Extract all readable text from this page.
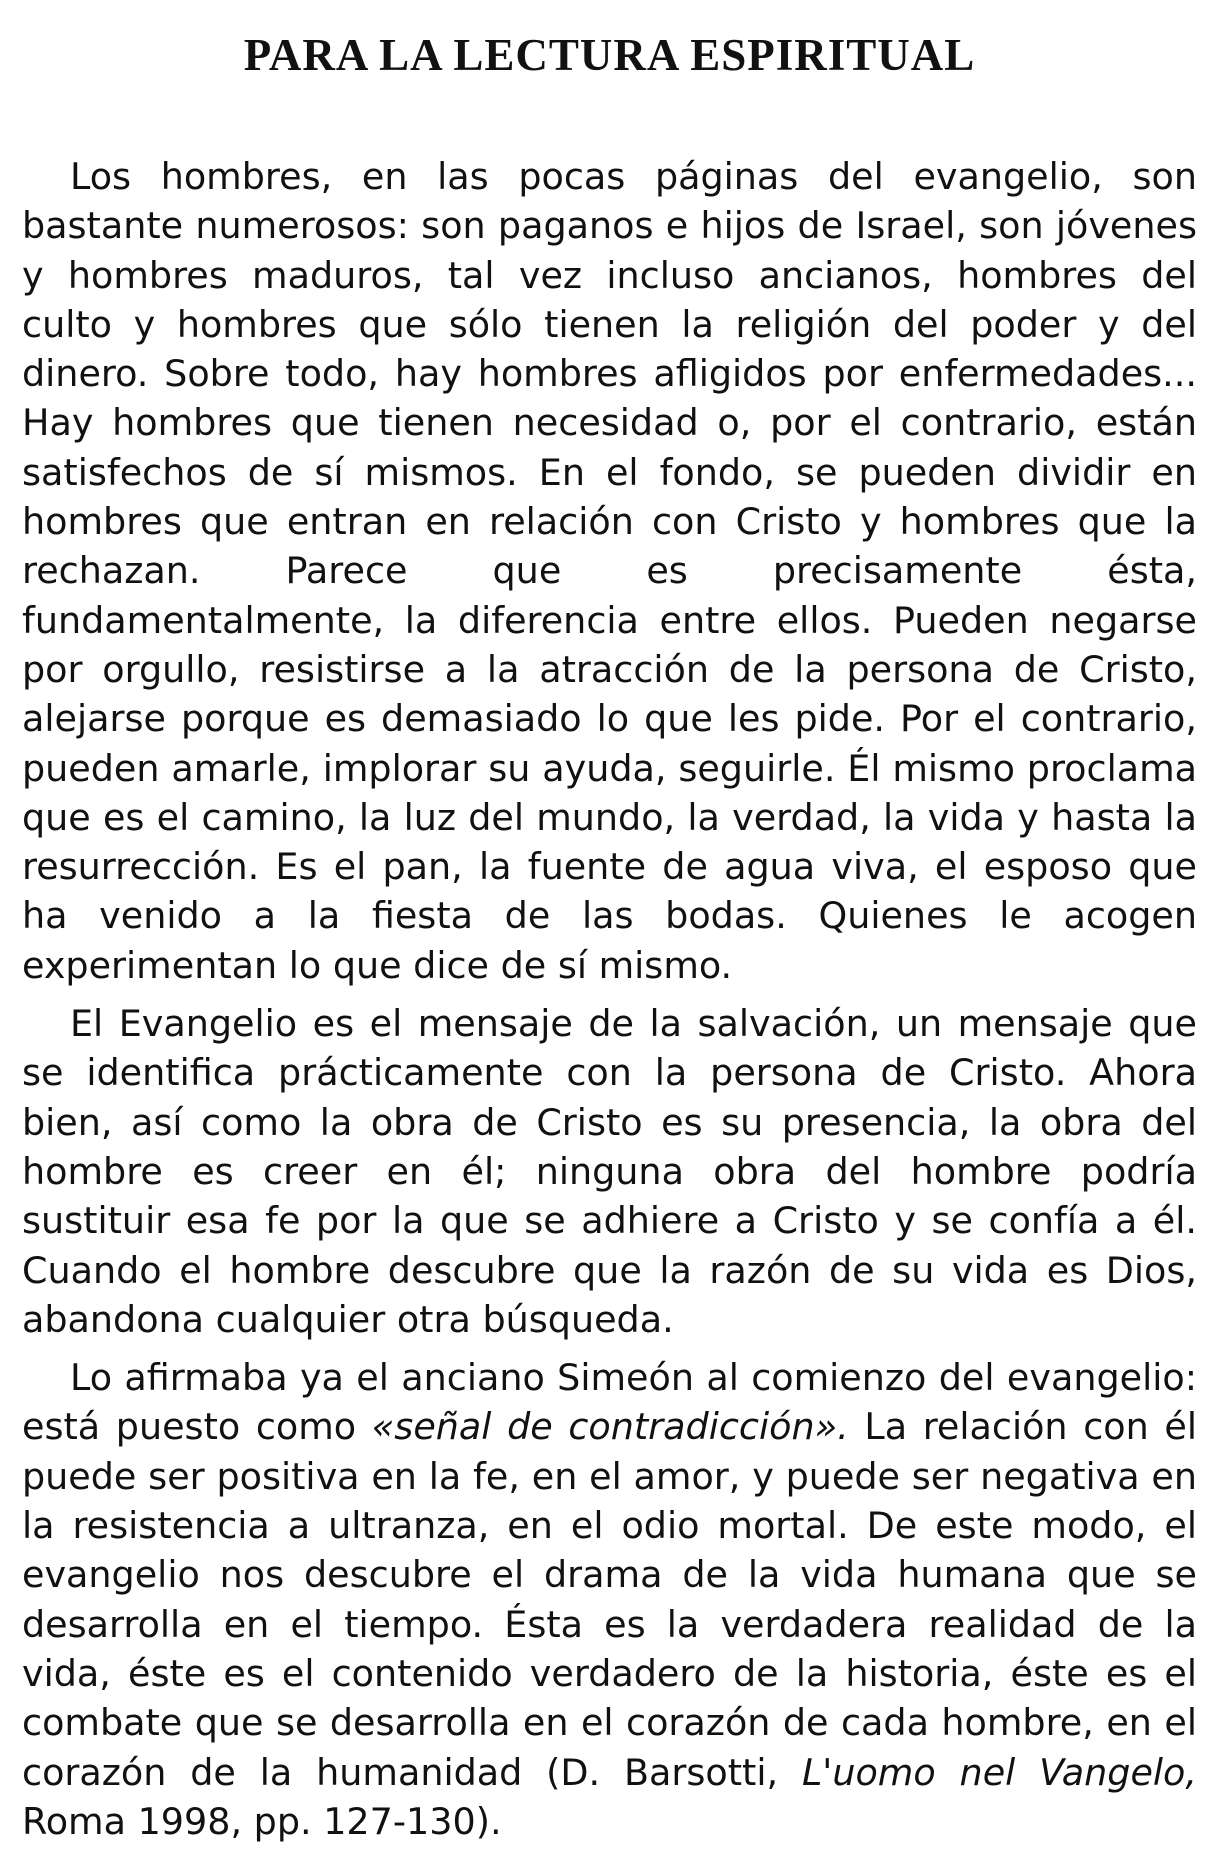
PARA LA LECTURA ESPIRITUAL

Los hombres, en las pocas páginas del evangelio, son bastante numerosos: son paganos e hijos de Israel, son jóvenes y hombres maduros, tal vez incluso ancianos, hombres del culto y hombres que sólo tienen la religión del poder y del dinero. Sobre todo, hay hombres afligidos por enfermedades... Hay hombres que tienen necesidad o, por el contrario, están satisfechos de sí mismos. En el fondo, se pueden dividir en hombres que entran en relación con Cristo y hombres que la rechazan. Parece que es precisamente ésta, fundamentalmente, la diferencia entre ellos. Pueden negarse por orgullo, resistirse a la atracción de la persona de Cristo, alejarse porque es demasiado lo que les pide. Por el contrario, pueden amarle, implorar su ayuda, seguirle. Él mismo proclama que es el camino, la luz del mundo, la verdad, la vida y hasta la resurrección. Es el pan, la fuente de agua viva, el esposo que ha venido a la fiesta de las bodas. Quienes le acogen experimentan lo que dice de sí mismo.

El Evangelio es el mensaje de la salvación, un mensaje que se identifica prácticamente con la persona de Cristo. Ahora bien, así como la obra de Cristo es su presencia, la obra del hombre es creer en él; ninguna obra del hombre podría sustituir esa fe por la que se adhiere a Cristo y se confía a él. Cuando el hombre descubre que la razón de su vida es Dios, abandona cualquier otra búsqueda.

Lo afirmaba ya el anciano Simeón al comienzo del evangelio: está puesto como «señal de contradicción». La relación con él puede ser positiva en la fe, en el amor, y puede ser negativa en la resistencia a ultranza, en el odio mortal. De este modo, el evangelio nos descubre el drama de la vida humana que se desarrolla en el tiempo. Ésta es la verdadera realidad de la vida, éste es el contenido verdadero de la historia, éste es el combate que se desarrolla en el corazón de cada hombre, en el corazón de la humanidad (D. Barsotti, L'uomo nel Vangelo, Roma 1998, pp. 127-130).
